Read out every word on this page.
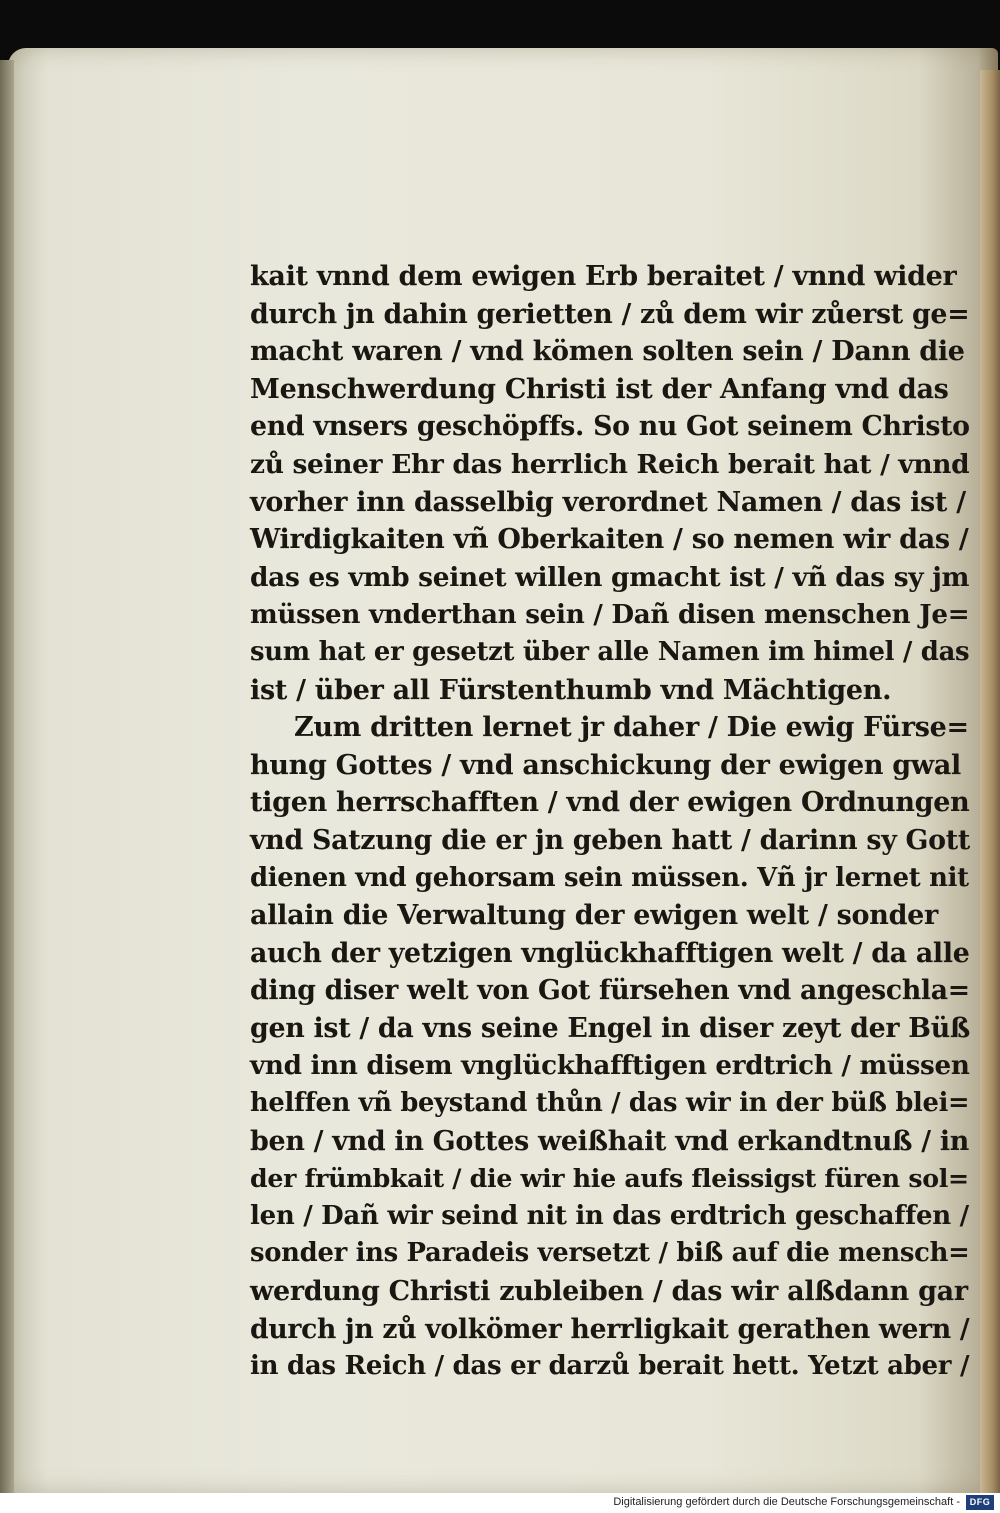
kait vnnd dem ewigen Erb beraitet / vnnd wider
durch jn dahin gerietten / zů dem wir zůerst ge=
macht waren / vnd kömen solten sein / Dann die
Menschwerdung Christi ist der Anfang vnd das
end vnsers geschöpffs. So nu Got seinem Christo
zů seiner Ehr das herrlich Reich berait hat / vnnd
vorher inn dasselbig verordnet Namen / das ist /
Wirdigkaiten vñ Oberkaiten / so nemen wir das /
das es vmb seinet willen gmacht ist / vñ das sy jm
müssen vnderthan sein / Dañ disen menschen Je=
sum hat er gesetzt über alle Namen im himel / das
ist / über all Fürstenthumb vnd Mächtigen.
Zum dritten lernet jr daher / Die ewig Fürse=
hung Gottes / vnd anschickung der ewigen gwal
tigen herrschafften / vnd der ewigen Ordnungen
vnd Satzung die er jn geben hatt / darinn sy Gott
dienen vnd gehorsam sein müssen. Vñ jr lernet nit
allain die Verwaltung der ewigen welt / sonder
auch der yetzigen vnglückhafftigen welt / da alle
ding diser welt von Got fürsehen vnd angeschla=
gen ist / da vns seine Engel in diser zeyt der Büß
vnd inn disem vnglückhafftigen erdtrich / müssen
helffen vñ beystand thůn / das wir in der büß blei=
ben / vnd in Gottes weißhait vnd erkandtnuß / in
der frümbkait / die wir hie aufs fleissigst füren sol=
len / Dañ wir seind nit in das erdtrich geschaffen /
sonder ins Paradeis versetzt / biß auf die mensch=
werdung Christi zubleiben / das wir alßdann gar
durch jn zů volkömer herrligkait gerathen wern /
in das Reich / das er darzů berait hett. Yetzt aber /
Digitalisierung gefördert durch die Deutsche Forschungsgemeinschaft -	DFG
